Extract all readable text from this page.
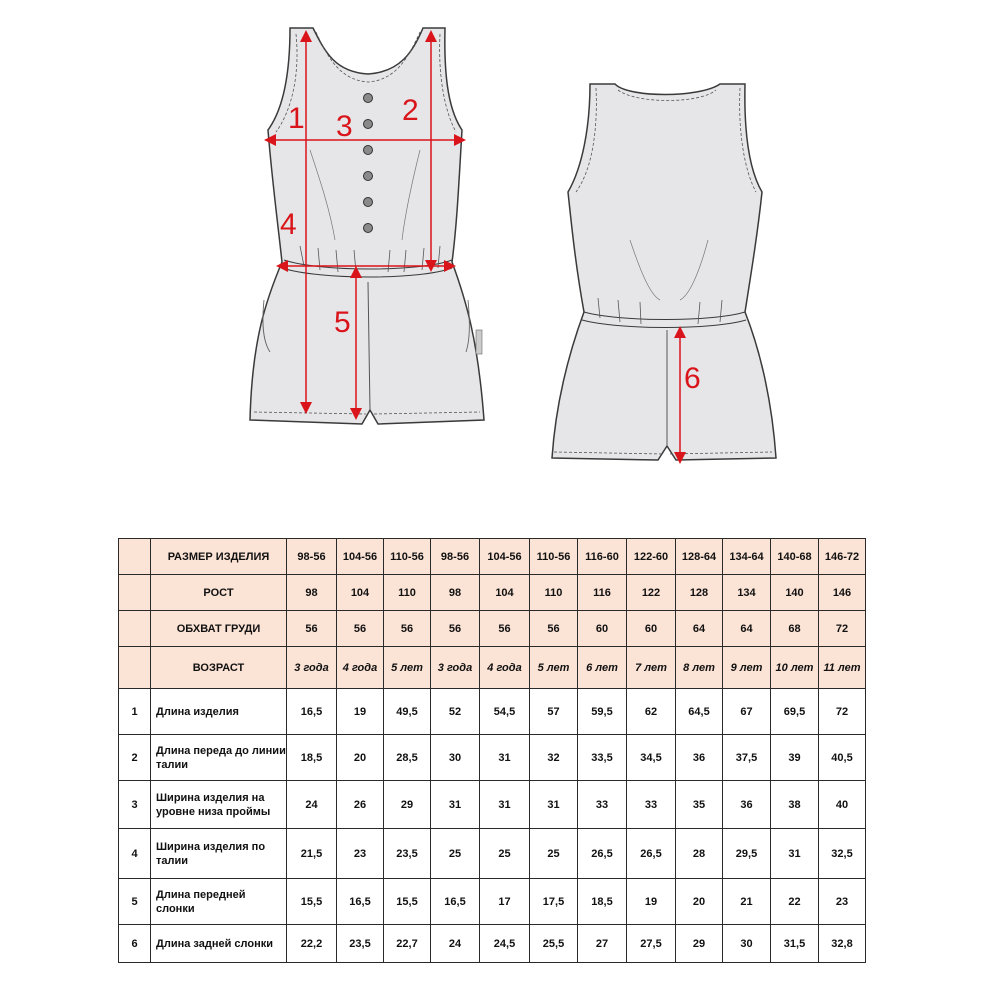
1	2
3
4
5
6
	РАЗМЕР ИЗДЕЛИЯ	98-56	104-56	110-56	98-56	104-56	110-56	116-60	122-60	128-64	134-64	140-68	146-72
	РОСТ	98	104	110	98	104	110	116	122	128	134	140	146
	ОБХВАТ ГРУДИ	56	56	56	56	56	56	60	60	64	64	68	72
	ВОЗРАСТ	3 года	4 года	5 лет	3 года	4 года	5 лет	6 лет	7 лет	8 лет	9 лет	10 лет	11 лет
1	Длина изделия	16,5	19	49,5	52	54,5	57	59,5	62	64,5	67	69,5	72
2	Длина переда до линии талии	18,5	20	28,5	30	31	32	33,5	34,5	36	37,5	39	40,5
3	Ширина изделия на уровне низа проймы	24	26	29	31	31	31	33	33	35	36	38	40
4	Ширина изделия по талии	21,5	23	23,5	25	25	25	26,5	26,5	28	29,5	31	32,5
5	Длина передней слонки	15,5	16,5	15,5	16,5	17	17,5	18,5	19	20	21	22	23
6	Длина задней слонки	22,2	23,5	22,7	24	24,5	25,5	27	27,5	29	30	31,5	32,8
